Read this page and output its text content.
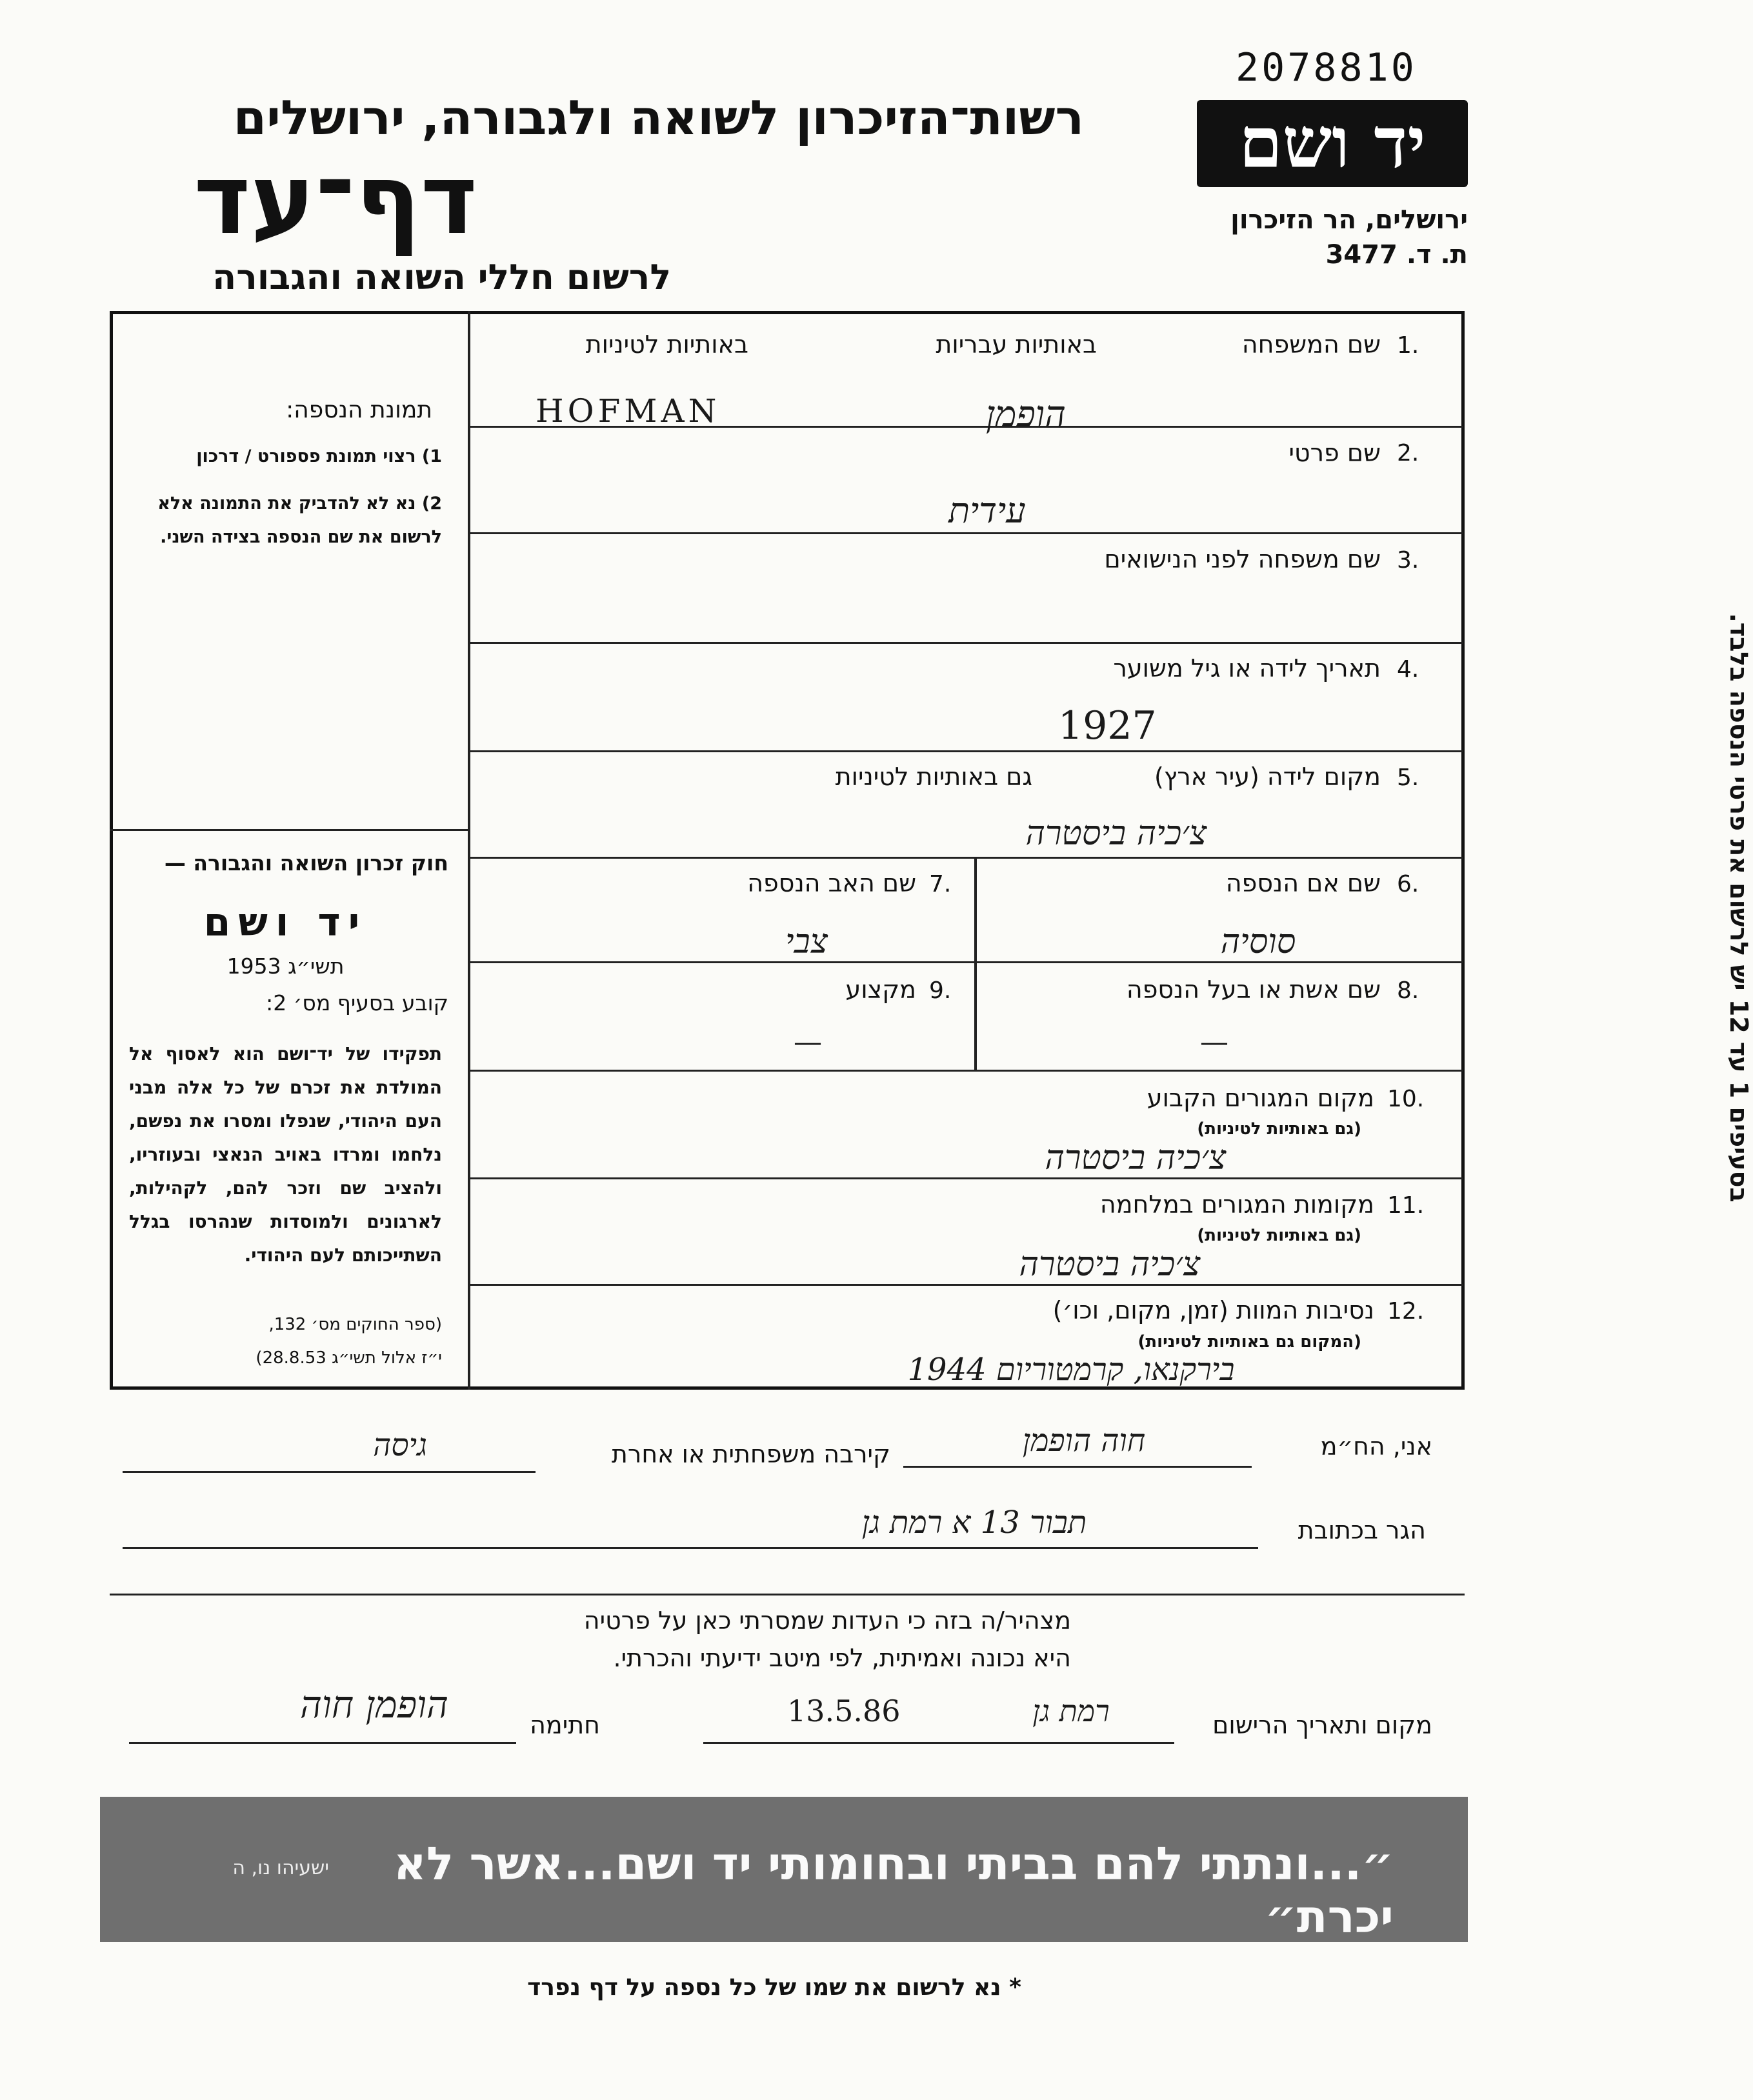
2078810
רשות־הזיכרון לשואה ולגבורה, ירושלים
דף־עד
לרשום חללי השואה והגבורה
יד ושם
ירושלים, הר הזיכרון
ת. ד. 3477
בסעיפים 1 עד 12 יש לרשום את פרטי הנספה בלבד.
תמונת הנספה:
1) רצוי תמונת פספורט / דרכון
2) נא לא להדביק את התמונה אלא לרשום את שם הנספה בצידה השני.
חוק זכרון השואה והגבורה —
יד ושם
תשי״ג 1953
קובע בסעיף מס׳ 2:
תפקידו של יד־ושם הוא לאסוף אל המולדת את זכרם של כל אלה מבני העם היהודי, שנפלו ומסרו את נפשם, נלחמו ומרדו באויב הנאצי ובעוזריו, ולהציב שם וזכר להם, לקהילות, לארגונים ולמוסדות שנהרסו בגלל השתייכותם לעם היהודי.
(ספר החוקים מס׳ 132,
י״ז אלול תשי״ג 28.8.53)
1.
שם המשפחה
באותיות עבריות
באותיות לטיניות
HOFMAN	הופמן
2.
שם פרטי
עידית
3.
שם משפחה לפני הנישואים
4.
תאריך לידה או גיל משוער
1927
5.
מקום לידה (עיר ארץ)
גם באותיות לטיניות
צ׳כיה ביסטרה
6.
שם אם הנספה
סוסיה
7.
שם האב הנספה
צבי
8.
שם אשת או בעל הנספה
—
9.
מקצוע
—
10.
מקום המגורים הקבוע
(גם באותיות לטיניות)
צ׳כיה ביסטרה
11.
מקומות המגורים במלחמה
(גם באותיות לטיניות)
צ׳כיה ביסטרה
12.
נסיבות המוות (זמן, מקום, וכו׳)
(המקום גם באותיות לטיניות)
בירקנאו, קרמטוריום 1944
אני, הח״מ
חוה הופמן
קירבה משפחתית או אחרת
גיסה
הגר בכתובת
תבור 13 א רמת גן
מצהיר/ה בזה כי העדות שמסרתי כאן על פרטיה
היא נכונה ואמיתית, לפי מיטב ידיעתי והכרתי.
מקום ותאריך הרישום
13.5.86	רמת גן
חתימה
הופמן חוה
״...ונתתי להם בביתי ובחומותי יד ושם...אשר לא יכרת״
ישעיהו נו, ה
* נא לרשום את שמו של כל נספה על דף נפרד
